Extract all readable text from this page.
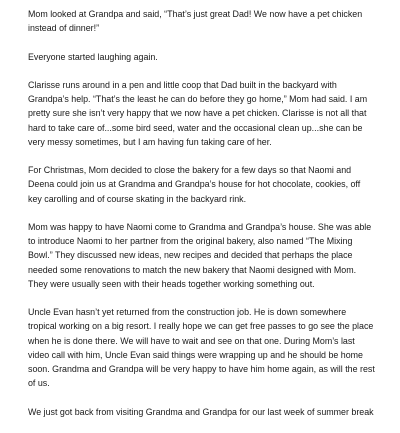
Mom looked at Grandpa and said, “That’s just great Dad! We now have a pet chicken instead of dinner!”

Everyone started laughing again.

Clarisse runs around in a pen and little coop that Dad built in the backyard with Grandpa’s help. “That’s the least he can do before they go home,” Mom had said. I am pretty sure she isn’t very happy that we now have a pet chicken. Clarisse is not all that hard to take care of...some bird seed, water and the occasional clean up...she can be very messy sometimes, but I am having fun taking care of her.

For Christmas, Mom decided to close the bakery for a few days so that Naomi and Deena could join us at Grandma and Grandpa’s house for hot chocolate, cookies, off key carolling and of course skating in the backyard rink.

Mom was happy to have Naomi come to Grandma and Grandpa’s house. She was able to introduce Naomi to her partner from the original bakery, also named “The Mixing Bowl.” They discussed new ideas, new recipes and decided that perhaps the place needed some renovations to match the new bakery that Naomi designed with Mom. They were usually seen with their heads together working something out.

Uncle Evan hasn’t yet returned from the construction job. He is down somewhere tropical working on a big resort. I really hope we can get free passes to go see the place when he is done there. We will have to wait and see on that one. During Mom’s last video call with him, Uncle Evan said things were wrapping up and he should be home soon. Grandma and Grandpa will be very happy to have him home again, as will the rest of us.

We just got back from visiting Grandma and Grandpa for our last week of summer break
